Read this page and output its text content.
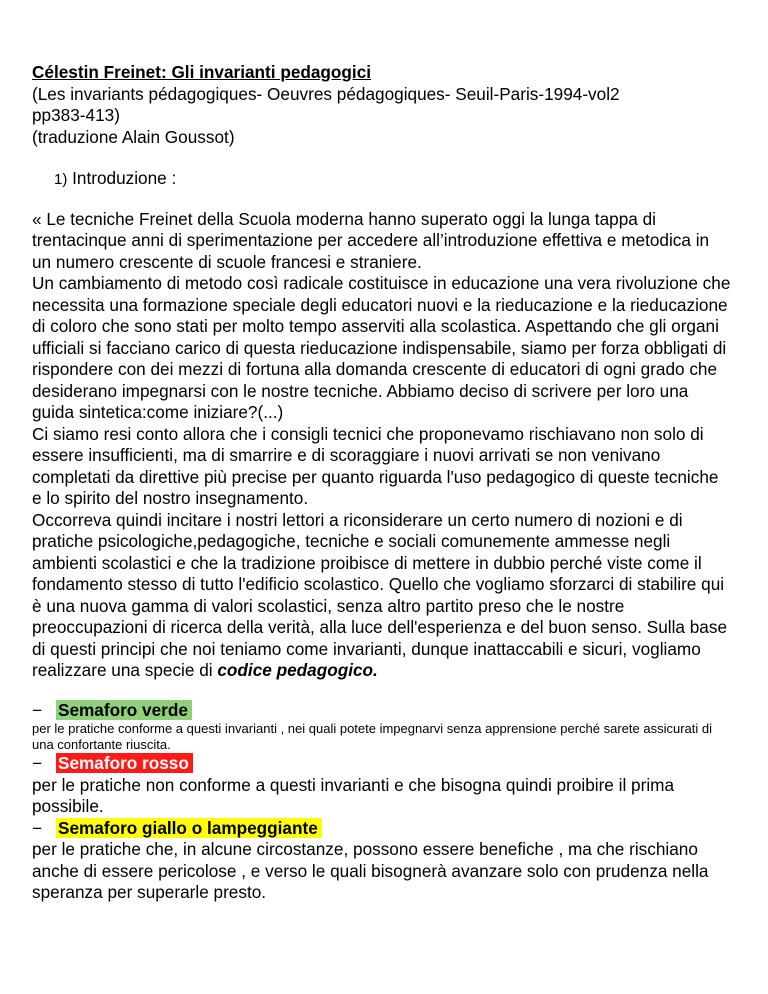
Célestin Freinet: Gli invarianti pedagogici
(Les invariants pédagogiques- Oeuvres pédagogiques- Seuil-Paris-1994-vol2
pp383-413)
(traduzione Alain Goussot)
1) Introduzione :
« Le tecniche Freinet della Scuola moderna hanno superato oggi la lunga tappa di trentacinque anni di sperimentazione per accedere all’introduzione effettiva e metodica in un numero crescente di scuole francesi e straniere.
Un cambiamento di metodo così radicale costituisce in educazione una vera rivoluzione che necessita una formazione speciale degli educatori nuovi e la rieducazione e la rieducazione di coloro che sono stati per molto tempo asserviti alla scolastica. Aspettando che gli organi ufficiali si facciano carico di questa rieducazione indispensabile, siamo per forza obbligati di rispondere con dei mezzi di fortuna alla domanda crescente di educatori di ogni grado che desiderano impegnarsi con le nostre tecniche. Abbiamo deciso di scrivere per loro una guida sintetica:come iniziare?(...)
Ci siamo resi conto allora che i consigli tecnici che proponevamo rischiavano non solo di essere insufficienti, ma di smarrire e di scoraggiare i nuovi arrivati se non venivano completati da direttive più precise per quanto riguarda l'uso pedagogico di queste tecniche e lo spirito del nostro insegnamento.
Occorreva quindi incitare i nostri lettori a riconsiderare un certo numero di nozioni e di pratiche psicologiche,pedagogiche, tecniche e sociali comunemente ammesse negli ambienti scolastici e che la tradizione proibisce di mettere in dubbio perché viste come il fondamento stesso di tutto l'edificio scolastico. Quello che vogliamo sforzarci di stabilire qui è una nuova gamma di valori scolastici, senza altro partito preso che le nostre preoccupazioni di ricerca della verità, alla luce dell'esperienza e del buon senso. Sulla base di questi principi che noi teniamo come invarianti, dunque inattaccabili e sicuri, vogliamo realizzare una specie di codice pedagogico.
− Semaforo verde
per le pratiche conforme a questi invarianti , nei quali potete impegnarvi senza apprensione perché sarete assicurati di una confortante riuscita.
− Semaforo rosso
per le pratiche non conforme a questi invarianti e che bisogna quindi proibire il prima possibile.
− Semaforo giallo o lampeggiante
per le pratiche che, in alcune circostanze, possono essere benefiche , ma che rischiano anche di essere pericolose , e verso le quali bisognerà avanzare solo con prudenza nella speranza per superarle presto.
